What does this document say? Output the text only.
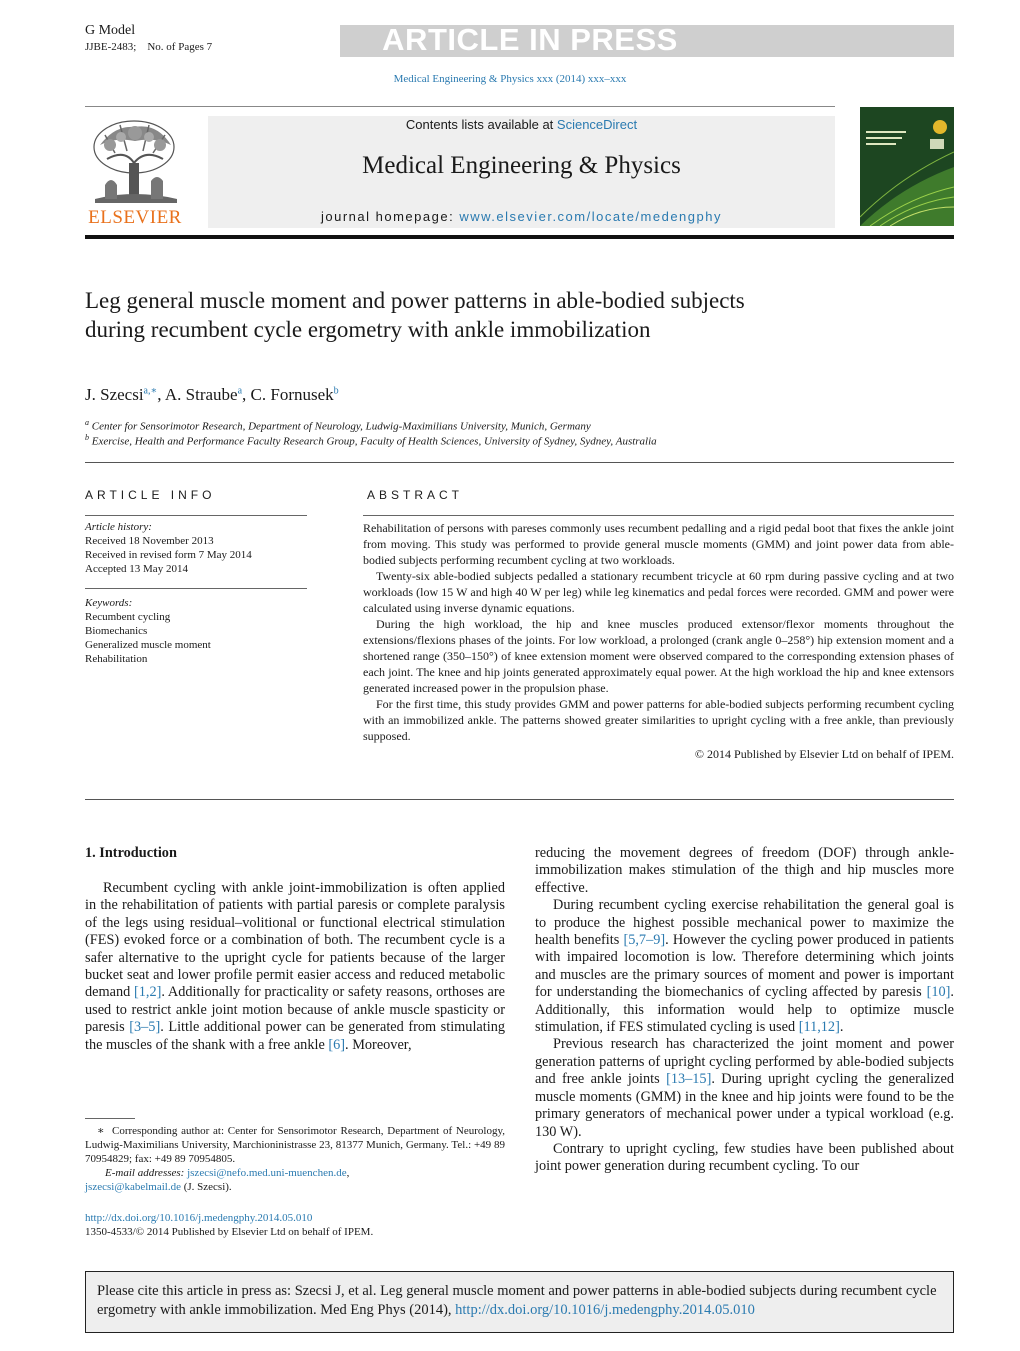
G Model
JJBE-2483; No. of Pages 7	ARTICLE IN PRESS
Medical Engineering & Physics xxx (2014) xxx–xxx
ELSEVIER
Contents lists available at ScienceDirect
Medical Engineering & Physics
journal homepage: www.elsevier.com/locate/medengphy
Leg general muscle moment and power patterns in able-bodied subjects during recumbent cycle ergometry with ankle immobilization
J. Szecsi$^{a,∗}$, A. Straube$^a$, C. Fornusek$^b$
$^a$ Center for Sensorimotor Research, Department of Neurology, Ludwig-Maximilians University, Munich, Germany
$^b$ Exercise, Health and Performance Faculty Research Group, Faculty of Health Sciences, University of Sydney, Sydney, Australia
ARTICLE INFO
Article history:
Received 18 November 2013
Received in revised form 7 May 2014
Accepted 13 May 2014
Keywords:
Recumbent cycling
Biomechanics
Generalized muscle moment
Rehabilitation
ABSTRACT

Rehabilitation of persons with pareses commonly uses recumbent pedalling and a rigid pedal boot that fixes the ankle joint from moving. This study was performed to provide general muscle moments (GMM) and joint power data from able-bodied subjects performing recumbent cycling at two workloads.

Twenty-six able-bodied subjects pedalled a stationary recumbent tricycle at 60 rpm during passive cycling and at two workloads (low 15 W and high 40 W per leg) while leg kinematics and pedal forces were recorded. GMM and power were calculated using inverse dynamic equations.

During the high workload, the hip and knee muscles produced extensor/flexor moments throughout the extensions/flexions phases of the joints. For low workload, a prolonged (crank angle 0–258°) hip extension moment and a shortened range (350–150°) of knee extension moment were observed compared to the corresponding extension phases of each joint. The knee and hip joints generated approximately equal power. At the high workload the hip and knee extensors generated increased power in the propulsion phase.

For the first time, this study provides GMM and power patterns for able-bodied subjects performing recumbent cycling with an immobilized ankle. The patterns showed greater similarities to upright cycling with a free ankle, than previously supposed.

© 2014 Published by Elsevier Ltd on behalf of IPEM.

1. Introduction

Recumbent cycling with ankle joint-immobilization is often applied in the rehabilitation of patients with partial paresis or complete paralysis of the legs using residual–volitional or functional electrical stimulation (FES) evoked force or a combination of both. The recumbent cycle is a safer alternative to the upright cycle for patients because of the larger bucket seat and lower profile permit easier access and reduced metabolic demand [1,2]. Additionally for practicality or safety reasons, orthoses are used to restrict ankle joint motion because of ankle muscle spasticity or paresis [3–5]. Little additional power can be generated from stimulating the muscles of the shank with a free ankle [6]. Moreover,

reducing the movement degrees of freedom (DOF) through ankle-immobilization makes stimulation of the thigh and hip muscles more effective.

During recumbent cycling exercise rehabilitation the general goal is to produce the highest possible mechanical power to maximize the health benefits [5,7–9]. However the cycling power produced in patients with impaired locomotion is low. Therefore determining which joints and muscles are the primary sources of moment and power is important for understanding the biomechanics of cycling affected by paresis [10]. Additionally, this information would help to optimize muscle stimulation, if FES stimulated cycling is used [11,12].

Previous research has characterized the joint moment and power generation patterns of upright cycling performed by able-bodied subjects and free ankle joints [13–15]. During upright cycling the generalized muscle moments (GMM) in the knee and hip joints were found to be the primary generators of mechanical power under a typical workload (e.g. 130 W).

Contrary to upright cycling, few studies have been published about joint power generation during recumbent cycling. To our

∗ Corresponding author at: Center for Sensorimotor Research, Department of Neurology, Ludwig-Maximilians University, Marchioninistrasse 23, 81377 Munich, Germany. Tel.: +49 89 70954829; fax: +49 89 70954805.
E-mail addresses: jszecsi@nefo.med.uni-muenchen.de,
jszecsi@kabelmail.de (J. Szecsi).
http://dx.doi.org/10.1016/j.medengphy.2014.05.010
1350-4533/© 2014 Published by Elsevier Ltd on behalf of IPEM.
Please cite this article in press as: Szecsi J, et al. Leg general muscle moment and power patterns in able-bodied subjects during recumbent cycle ergometry with ankle immobilization. Med Eng Phys (2014), http://dx.doi.org/10.1016/j.medengphy.2014.05.010
